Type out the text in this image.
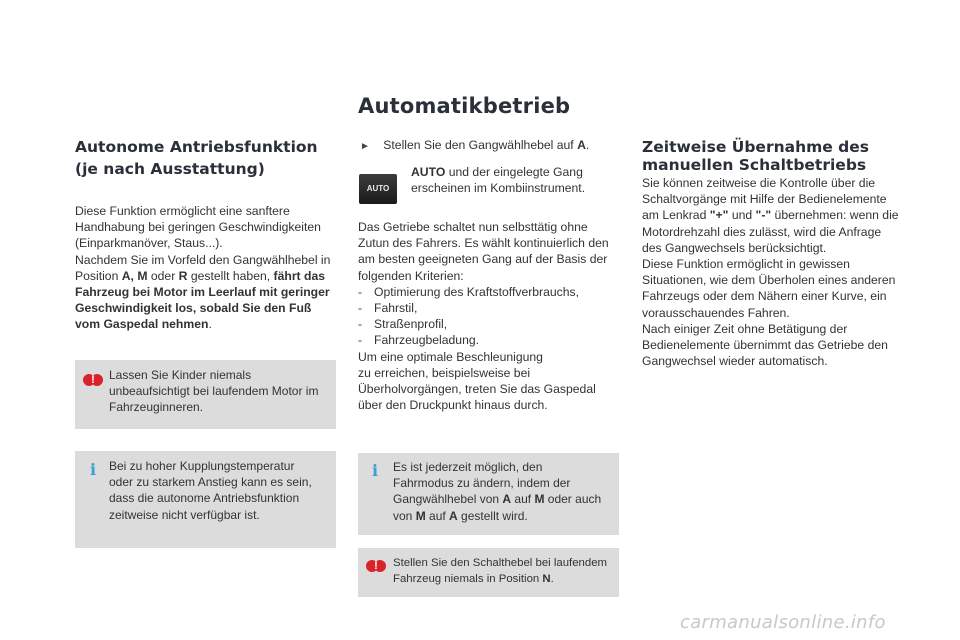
Automatikbetrieb
Autonome Antriebsfunktion
(je nach Ausstattung)

Diese Funktion ermöglicht eine sanftere

Handhabung bei geringen Geschwindigkeiten

(Einparkmanöver, Staus...).

Nachdem Sie im Vorfeld den Gangwählhebel in

Position A, M oder R gestellt haben, fährt das

Fahrzeug bei Motor im Leerlauf mit geringer

Geschwindigkeit los, sobald Sie den Fuß

vom Gaspedal nehmen.

!	Lassen Sie Kinder niemals
unbeaufsichtigt bei laufendem Motor im
Fahrzeuginneren.
i	Bei zu hoher Kupplungstemperatur
oder zu starkem Anstieg kann es sein,
dass die autonome Antriebsfunktion
zeitweise nicht verfügbar ist.
► Stellen Sie den Gangwählhebel auf A.
AUTO
AUTO und der eingelegte Gang
erscheinen im Kombiinstrument.

Das Getriebe schaltet nun selbsttätig ohne

Zutun des Fahrers. Es wählt kontinuierlich den

am besten geeigneten Gang auf der Basis der

folgenden Kriterien:

- Optimierung des Kraftstoffverbrauchs,
- Fahrstil,
- Straßenprofil,
- Fahrzeugbeladung.

Um eine optimale Beschleunigung

zu erreichen, beispielsweise bei

Überholvorgängen, treten Sie das Gaspedal

über den Druckpunkt hinaus durch.

i	Es ist jederzeit möglich, den
Fahrmodus zu ändern, indem der
Gangwählhebel von A auf M oder auch
von M auf A gestellt wird.
!	Stellen Sie den Schalthebel bei laufendem
Fahrzeug niemals in Position N.
Zeitweise Übernahme des
manuellen Schaltbetriebs

Sie können zeitweise die Kontrolle über die

Schaltvorgänge mit Hilfe der Bedienelemente

am Lenkrad "+" und "-" übernehmen: wenn die

Motordrehzahl dies zulässt, wird die Anfrage

des Gangwechsels berücksichtigt.

Diese Funktion ermöglicht in gewissen

Situationen, wie dem Überholen eines anderen

Fahrzeugs oder dem Nähern einer Kurve, ein

vorausschauendes Fahren.

Nach einiger Zeit ohne Betätigung der

Bedienelemente übernimmt das Getriebe den

Gangwechsel wieder automatisch.

carmanualsonline.info
